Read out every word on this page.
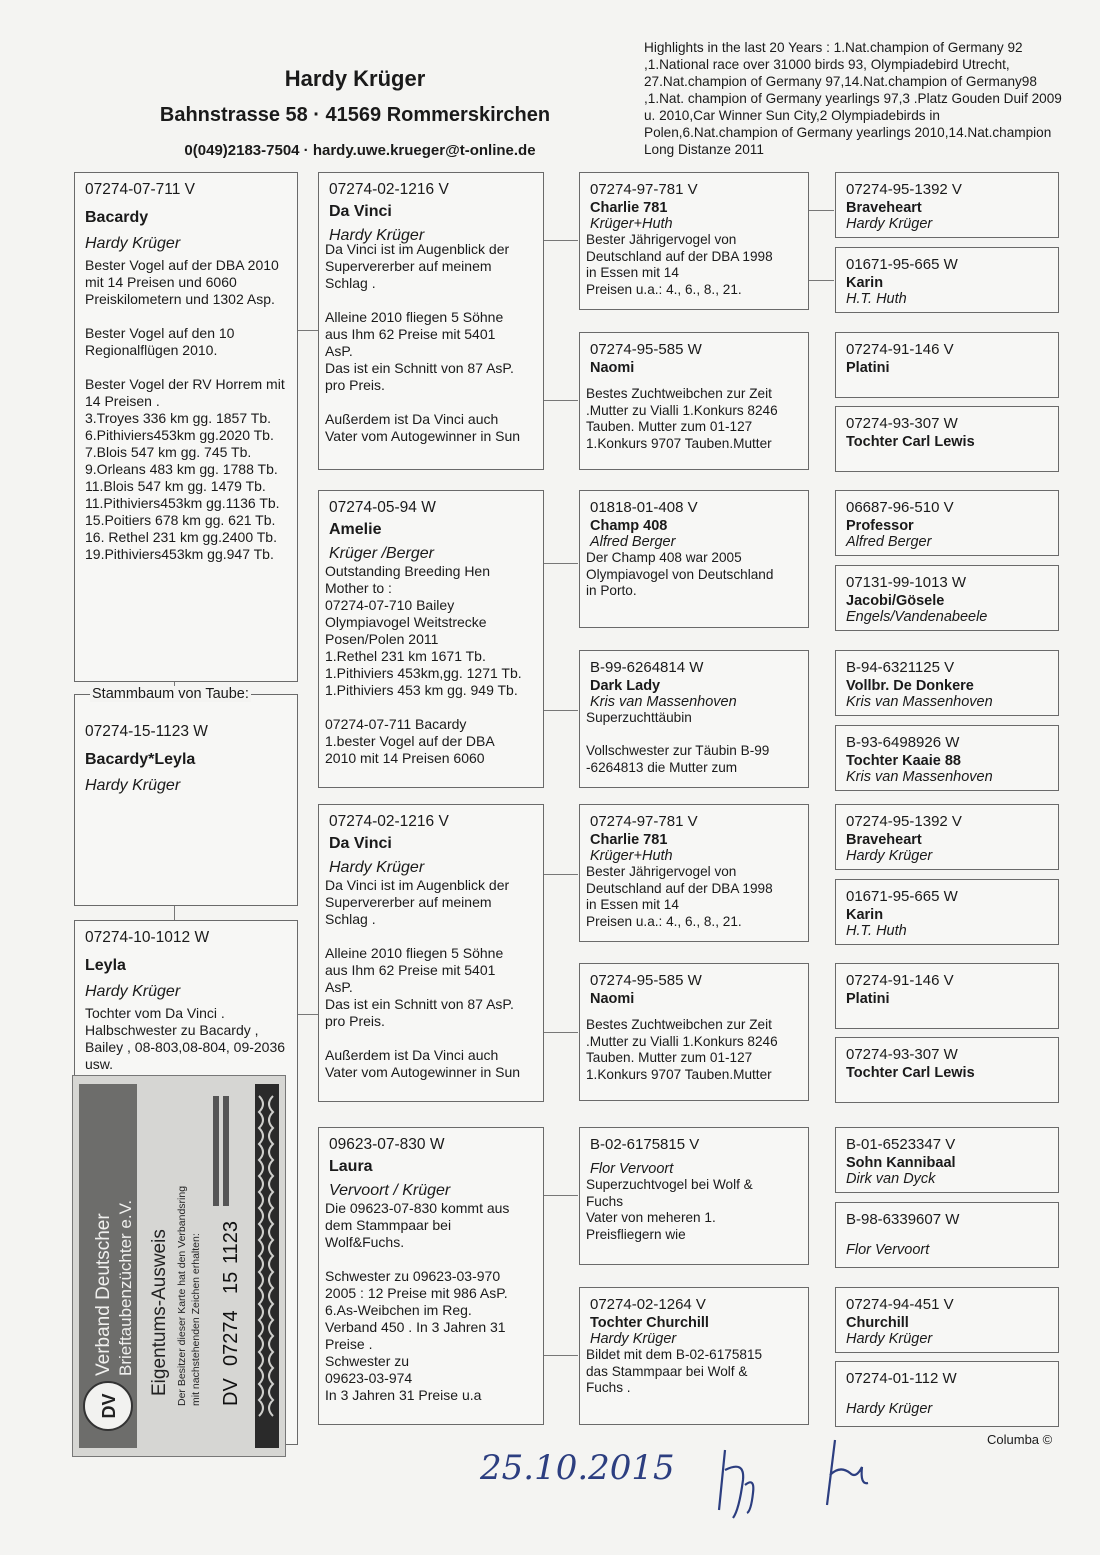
Hardy Krüger
Bahnstrasse 58 · 41569 Rommerskirchen
0(049)2183-7504 · hardy.uwe.krueger@t-online.de
Highlights in the last 20 Years : 1.Nat.champion of Germany 92 ,1.National race over 31000 birds 93, Olympiadebird Utrecht, 27.Nat.champion of Germany 97,14.Nat.champion of Germany98 ,1.Nat. champion of Germany yearlings 97,3 .Platz Gouden Duif 2009 u. 2010,Car Winner Sun City,2 Olympiadebirds in Polen,6.Nat.champion of Germany yearlings 2010,14.Nat.champion Long Distanze 2011
07274-07-711 V
Bacardy
Hardy Krüger
Bester Vogel auf der DBA 2010
mit 14 Preisen und 6060
Preiskilometern und 1302 Asp.

Bester Vogel auf den 10
Regionalflügen 2010.

Bester Vogel der RV Horrem mit
14 Preisen .
3.Troyes 336 km gg. 1857 Tb.
6.Pithiviers453km gg.2020 Tb.
7.Blois 547 km gg. 745 Tb.
9.Orleans 483 km gg. 1788 Tb.
11.Blois 547 km gg. 1479 Tb.
11.Pithiviers453km gg.1136 Tb.
15.Poitiers 678 km gg. 621 Tb.
16. Rethel 231 km gg.2400 Tb.
19.Pithiviers453km gg.947 Tb.
07274-15-1123 W
Bacardy*Leyla
Hardy Krüger
Stammbaum von Taube:
07274-10-1012 W
Leyla
Hardy Krüger
Tochter vom Da Vinci .
Halbschwester zu Bacardy ,
Bailey , 08-803,08-804, 09-2036
usw.
DV
Verband Deutscher Brieftaubenzüchter e.V. Eigentums-Ausweis Der Besitzer dieser Karte hat den Verbandsring mit nachstehenden Zeichen erhalten: DV
07274
15
1123
07274-02-1216 V
Da Vinci
Hardy Krüger
Da Vinci ist im Augenblick der
Supervererber auf meinem
Schlag .

Alleine 2010 fliegen 5 Söhne
aus Ihm 62 Preise mit 5401
AsP.
Das ist ein Schnitt von 87 AsP.
pro Preis.

Außerdem ist Da Vinci auch
Vater vom Autogewinner in Sun
07274-05-94 W
Amelie
Krüger /Berger
Outstanding Breeding Hen
Mother to :
07274-07-710 Bailey
Olympiavogel Weitstrecke
Posen/Polen 2011
1.Rethel 231 km 1671 Tb.
1.Pithiviers 453km,gg. 1271 Tb.
1.Pithiviers 453 km gg. 949 Tb.

07274-07-711 Bacardy
1.bester Vogel auf der DBA
2010 mit 14 Preisen 6060
07274-02-1216 V
Da Vinci
Hardy Krüger
Da Vinci ist im Augenblick der
Supervererber auf meinem
Schlag .

Alleine 2010 fliegen 5 Söhne
aus Ihm 62 Preise mit 5401
AsP.
Das ist ein Schnitt von 87 AsP.
pro Preis.

Außerdem ist Da Vinci auch
Vater vom Autogewinner in Sun
09623-07-830 W
Laura
Vervoort / Krüger
Die 09623-07-830 kommt aus
dem Stammpaar bei
Wolf&Fuchs.

Schwester zu 09623-03-970
2005 : 12 Preise mit 986 AsP.
6.As-Weibchen im Reg.
Verband 450 . In 3 Jahren 31
Preise .
Schwester zu
09623-03-974
In 3 Jahren 31 Preise u.a
07274-97-781 V
Charlie 781
Krüger+Huth
Bester Jährigervogel von
Deutschland auf der DBA 1998
in Essen mit 14
Preisen u.a.: 4., 6., 8., 21.
07274-95-585 W
Naomi
Bestes Zuchtweibchen zur Zeit
.Mutter zu Vialli 1.Konkurs 8246
Tauben. Mutter zum 01-127
1.Konkurs 9707 Tauben.Mutter
01818-01-408 V
Champ 408
Alfred Berger
Der Champ 408 war 2005
Olympiavogel von Deutschland
in Porto.
B-99-6264814 W
Dark Lady
Kris van Massenhoven
Superzuchttäubin

Vollschwester zur Täubin B-99
-6264813 die Mutter zum
07274-97-781 V
Charlie 781
Krüger+Huth
Bester Jährigervogel von
Deutschland auf der DBA 1998
in Essen mit 14
Preisen u.a.: 4., 6., 8., 21.
07274-95-585 W
Naomi
Bestes Zuchtweibchen zur Zeit
.Mutter zu Vialli 1.Konkurs 8246
Tauben. Mutter zum 01-127
1.Konkurs 9707 Tauben.Mutter
B-02-6175815 V
Flor Vervoort
Superzuchtvogel bei Wolf &
Fuchs
Vater von meheren 1.
Preisfliegern wie
07274-02-1264 V
Tochter Churchill
Hardy Krüger
Bildet mit dem B-02-6175815
das Stammpaar bei Wolf &
Fuchs .
07274-95-1392 V
Braveheart
Hardy Krüger
01671-95-665 W
Karin
H.T. Huth
07274-91-146 V
Platini
07274-93-307 W
Tochter Carl Lewis
06687-96-510 V
Professor
Alfred Berger
07131-99-1013 W
Jacobi/Gösele
Engels/Vandenabeele
B-94-6321125 V
Vollbr. De Donkere
Kris van Massenhoven
B-93-6498926 W
Tochter Kaaie 88
Kris van Massenhoven
07274-95-1392 V
Braveheart
Hardy Krüger
01671-95-665 W
Karin
H.T. Huth
07274-91-146 V
Platini
07274-93-307 W
Tochter Carl Lewis
B-01-6523347 V
Sohn Kannibaal
Dirk van Dyck
B-98-6339607 W
Flor Vervoort
07274-94-451 V
Churchill
Hardy Krüger
07274-01-112 W
Hardy Krüger
Columba ©
25.10.2015
